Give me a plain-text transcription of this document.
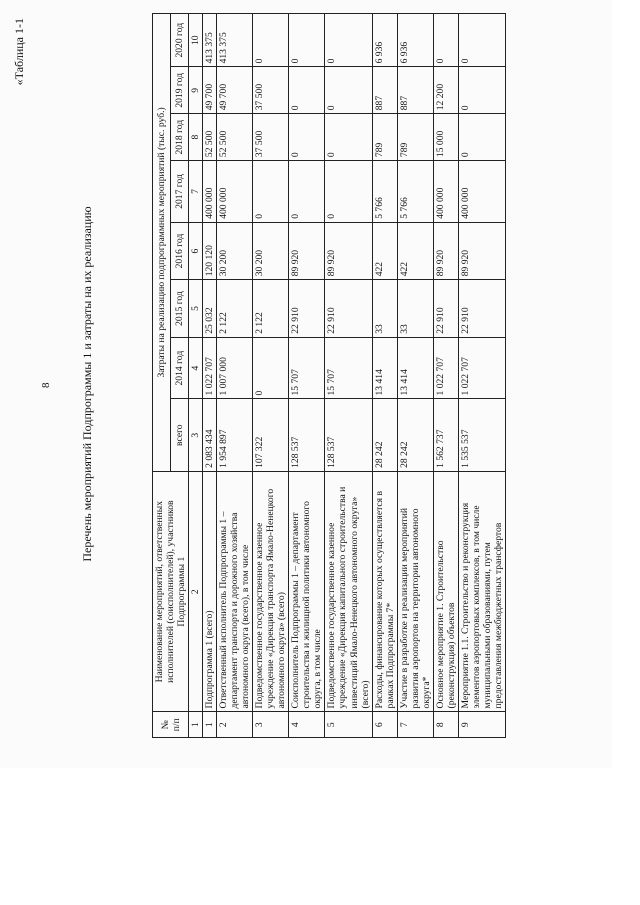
8
«Таблица 1-1
Перечень мероприятий Подпрограммы 1 и затраты на их реализацию
№ п/п	Наименование мероприятий, ответственных исполнителей (соисполнителей), участников Подпрограммы 1	Затраты на реализацию подпрограммных мероприятий (тыс. руб.)							
		всего	2014 год	2015 год	2016 год	2017 год	2018 год	2019 год	2020 год
1	2	3	4	5	6	7	8	9	10
1	Подпрограмма 1 (всего)	2 083 434	1 022 707	25 032	120 120	400 000	52 500	49 700	413 375
2	Ответственный исполнитель Подпрограммы 1 – департамент транспорта и дорожного хозяйства автономного округа (всего), в том числе	1 954 897	1 007 000	2 122	30 200	400 000	52 500	49 700	413 375
3	Подведомственное государственное казенное учреждение «Дирекция транспорта Ямало-Ненецкого автономного округа» (всего)	107 322	0	2 122	30 200	0	37 500	37 500	0
4	Соисполнитель Подпрограммы 1 – департамент строительства и жилищной политики автономного округа, в том числе	128 537	15 707	22 910	89 920	0	0	0	0
5	Подведомственное государственное казенное учреждение «Дирекция капитального строительства и инвестиций Ямало-Ненецкого автономного округа» (всего)	128 537	15 707	22 910	89 920	0	0	0	0
6	Расходы, финансирование которых осуществляется в рамках Подпрограммы 7*	28 242	13 414	33	422	5 766	789	887	6 936
7	Участие в разработке и реализации мероприятий развития аэропортов на территории автономного округа*	28 242	13 414	33	422	5 766	789	887	6 936
8	Основное мероприятие 1. Строительство (реконструкция) объектов	1 562 737	1 022 707	22 910	89 920	400 000	15 000	12 200	0
9	Мероприятие 1.1. Строительство и реконструкция элементов аэропортовых комплексов, в том числе муниципальными образованиями, путем предоставления межбюджетных трансфертов	1 535 537	1 022 707	22 910	89 920	400 000	0	0	0
